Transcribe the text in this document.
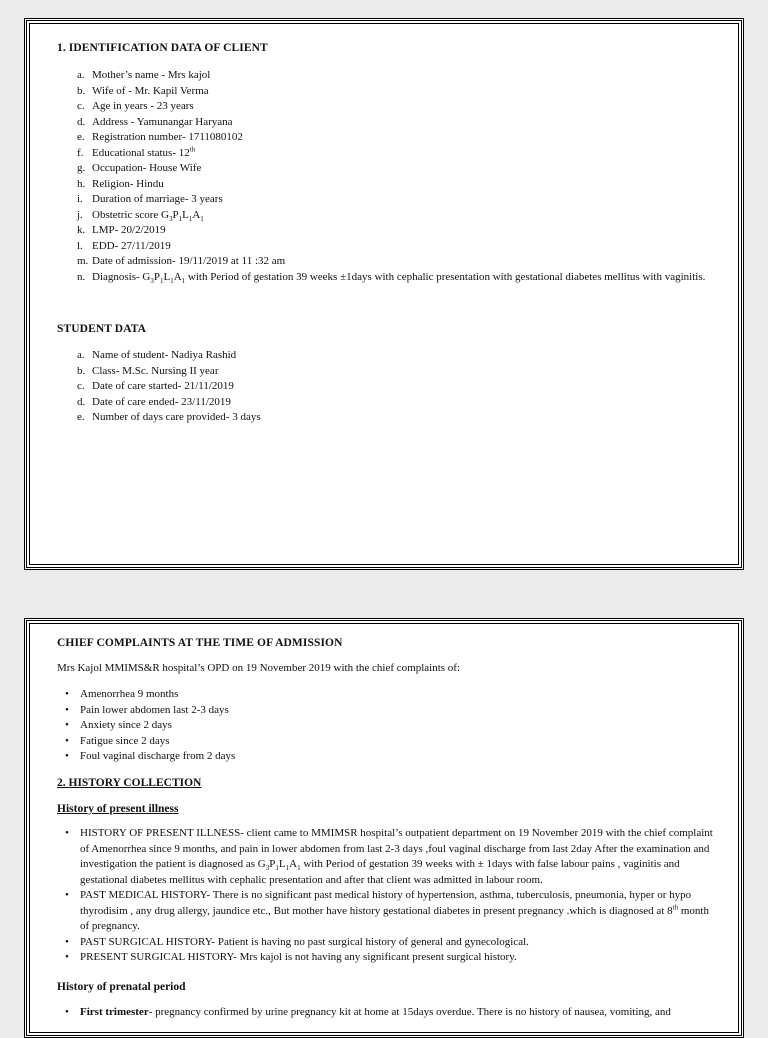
1. IDENTIFICATION DATA OF CLIENT
a. Mother’s name - Mrs kajol
b. Wife of - Mr. Kapil Verma
c. Age in years - 23 years
d. Address - Yamunangar Haryana
e. Registration number- 1711080102
f. Educational status- 12th
g. Occupation- House Wife
h. Religion- Hindu
i. Duration of marriage- 3 years
j. Obstetric score $G_3P_1L_1A_1$
k. LMP- 20/2/2019
l. EDD- 27/11/2019
m. Date of admission- 19/11/2019 at 11 :32 am
n. Diagnosis- $G_3P_1L_1A_1$ with Period of gestation 39 weeks ±1days with cephalic presentation with gestational diabetes mellitus with vaginitis.
STUDENT DATA
a. Name of student- Nadiya Rashid
b. Class- M.Sc. Nursing II year
c. Date of care started- 21/11/2019
d. Date of care ended- 23/11/2019
e. Number of days care provided- 3 days
CHIEF COMPLAINTS AT THE TIME OF ADMISSION

Mrs Kajol MMIMS&R hospital’s OPD on 19 November 2019 with the chief complaints of:

•	Amenorrhea 9 months
•	Pain lower abdomen last 2-3 days
•	Anxiety since 2 days
•	Fatigue since 2 days
•	Foul vaginal discharge from 2 days

2. HISTORY COLLECTION

History of present illness

•	HISTORY OF PRESENT ILLNESS- client came to MMIMSR hospital’s outpatient department on 19 November 2019 with the chief complaint of Amenorrhea since 9 months, and pain in lower abdomen from last 2-3 days ,foul vaginal discharge from last 2day After the examination and investigation the patient is diagnosed as $G_3P_1L_1A_1$ with Period of gestation 39 weeks with ± 1days with false labour pains , vaginitis and gestational diabetes mellitus with cephalic presentation and after that client was admitted in labour room.
•	PAST MEDICAL HISTORY- There is no significant past medical history of hypertension, asthma, tuberculosis, pneumonia, hyper or hypo thyrodisim , any drug allergy, jaundice etc., But mother have history gestational diabetes in present pregnancy .which is diagnosed at 8th month of pregnancy.
•	PAST SURGICAL HISTORY- Patient is having no past surgical history of general and gynecological.
•	PRESENT SURGICAL HISTORY- Mrs kajol is not having any significant present surgical history.

History of prenatal period

•	First trimester- pregnancy confirmed by urine pregnancy kit at home at 15days overdue. There is no history of nausea, vomiting, and
